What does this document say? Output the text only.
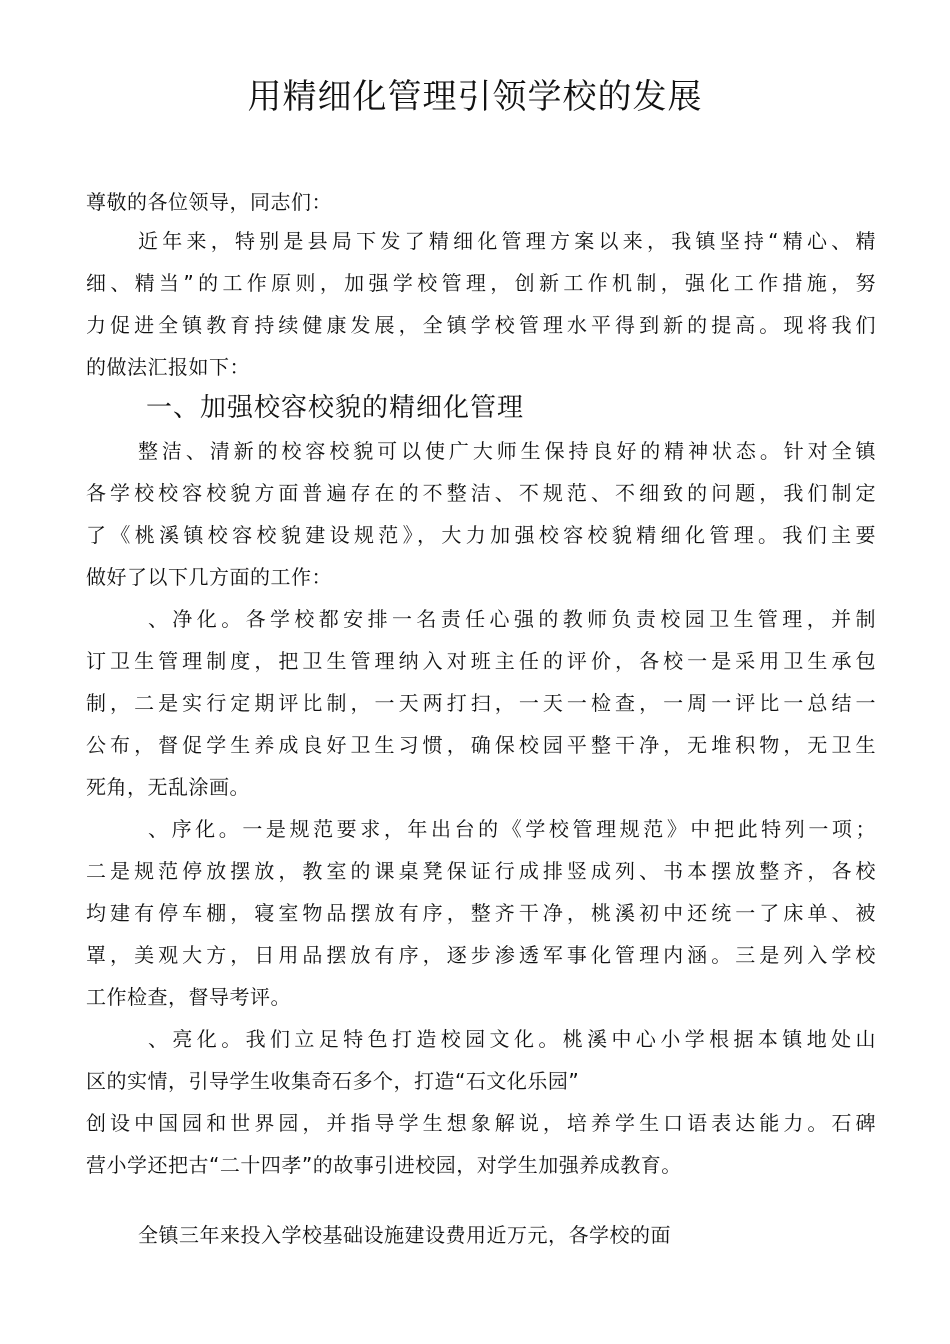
用精细化管理引领学校的发展
尊敬的各位领导，同志们：
近年来，特别是县局下发了精细化管理方案以来，我镇坚持“精心、精
细、精当”的工作原则，加强学校管理，创新工作机制，强化工作措施，努
力促进全镇教育持续健康发展，全镇学校管理水平得到新的提高。现将我们
的做法汇报如下：
一、加强校容校貌的精细化管理
整洁、清新的校容校貌可以使广大师生保持良好的精神状态。针对全镇
各学校校容校貌方面普遍存在的不整洁、不规范、不细致的问题，我们制定
了《桃溪镇校容校貌建设规范》，大力加强校容校貌精细化管理。我们主要
做好了以下几方面的工作：
、净化。各学校都安排一名责任心强的教师负责校园卫生管理，并制
订卫生管理制度，把卫生管理纳入对班主任的评价，各校一是采用卫生承包
制，二是实行定期评比制，一天两打扫，一天一检查，一周一评比一总结一
公布，督促学生养成良好卫生习惯，确保校园平整干净，无堆积物，无卫生
死角，无乱涂画。
、序化。一是规范要求，年出台的《学校管理规范》中把此特列一项；
二是规范停放摆放，教室的课桌凳保证行成排竖成列、书本摆放整齐，各校
均建有停车棚，寝室物品摆放有序，整齐干净，桃溪初中还统一了床单、被
罩，美观大方，日用品摆放有序，逐步渗透军事化管理内涵。三是列入学校
工作检查，督导考评。
、亮化。我们立足特色打造校园文化。桃溪中心小学根据本镇地处山
区的实情，引导学生收集奇石多个，打造“石文化乐园”
创设中国园和世界园，并指导学生想象解说，培养学生口语表达能力。石碑
营小学还把古“二十四孝”的故事引进校园，对学生加强养成教育。
全镇三年来投入学校基础设施建设费用近万元，各学校的面
